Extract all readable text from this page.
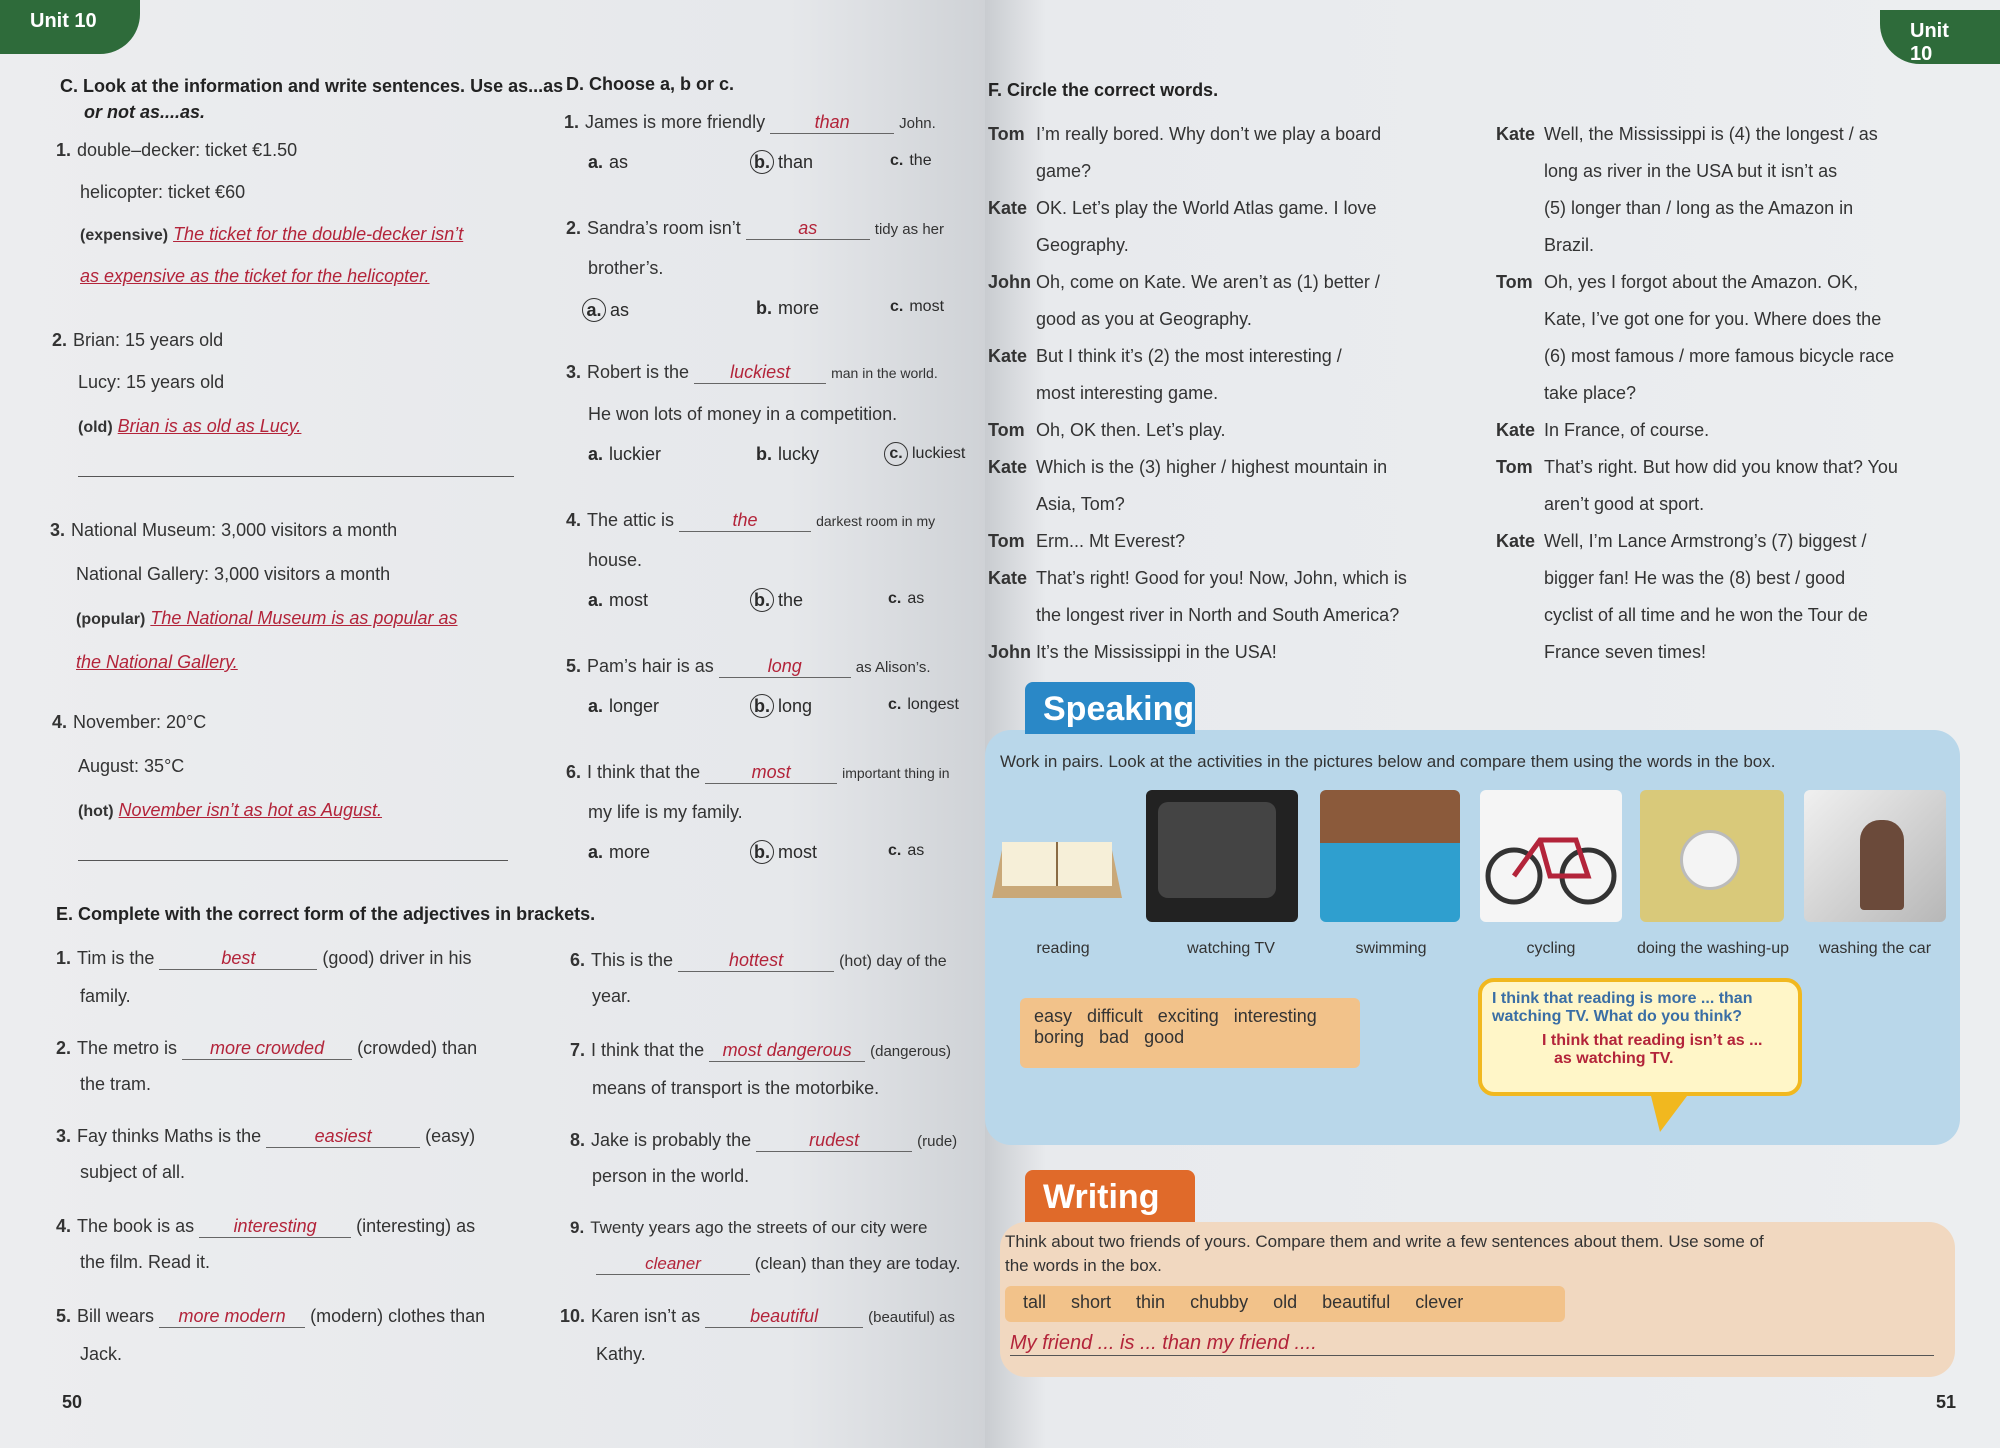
Unit 10
C. Look at the information and write sentences. Use as...as
or not as....as.
1. double–decker: ticket €1.50
helicopter: ticket €60
(expensive) The ticket for the double-decker isn’t
as expensive as the ticket for the helicopter.
2. Brian: 15 years old
Lucy: 15 years old
(old) Brian is as old as Lucy.
3. National Museum: 3,000 visitors a month
National Gallery: 3,000 visitors a month
(popular) The National Museum is as popular as
the National Gallery.
4. November: 20°C
August: 35°C
(hot) November isn’t as hot as August.
D. Choose a, b or c.
1. James is more friendly	than	John.
a. as	b. than	c. the
2. Sandra’s room isn’t	as	tidy as her
brother’s.
a. as	b. more	c. most
3. Robert is the luckiest	man in the world.
He won lots of money in a competition.
a. luckier	b. lucky	c. luckiest
4. The attic is	the	darkest room in my
house.
a. most	b. the	c. as
5. Pam’s hair is as	long	as Alison’s.
a. longer	b. long	c. longest
6. I think that the	most	important thing in
my life is my family.
a. more	b. most	c. as
E. Complete with the correct form of the adjectives in brackets.
1. Tim is the	best	(good) driver in his
family.
2. The metro is more crowded (crowded) than
the tram.
3. Fay thinks Maths is the	easiest	(easy)
subject of all.
4. The book is as interesting (interesting) as
the film. Read it.
5. Bill wears more modern (modern) clothes than
Jack.
6. This is the	hottest	(hot) day of the
year.
7. I think that the most dangerous (dangerous)
means of transport is the motorbike.
8. Jake is probably the	rudest	(rude)
person in the world.
9. Twenty years ago the streets of our city were
cleaner	(clean) than they are today.
10. Karen isn’t as	beautiful	(beautiful) as
Kathy.
50
Unit 10
F. Circle the correct words.
Tom I’m really bored. Why don’t we play a board
game?
Kate OK. Let’s play the World Atlas game. I love
Geography.
John Oh, come on Kate. We aren’t as (1) better /
good as you at Geography.
Kate But I think it’s (2) the most interesting /
most interesting game.
Tom Oh, OK then. Let’s play.
Kate Which is the (3) higher / highest mountain in
Asia, Tom?
Tom Erm... Mt Everest?
Kate That’s right! Good for you! Now, John, which is
the longest river in North and South America?
John It’s the Mississippi in the USA!
Kate Well, the Mississippi is (4) the longest / as
long as river in the USA but it isn’t as
(5) longer than / long as the Amazon in
Brazil.
Tom Oh, yes I forgot about the Amazon. OK,
Kate, I’ve got one for you. Where does the
(6) most famous / more famous bicycle race
take place?
Kate In France, of course.
Tom That’s right. But how did you know that? You
aren’t good at sport.
Kate Well, I’m Lance Armstrong’s (7) biggest /
bigger fan! He was the (8) best / good
cyclist of all time and he won the Tour de
France seven times!
Speaking
Work in pairs. Look at the activities in the pictures below and compare them using the words in the box.
reading	watching TV	swimming	cycling	doing the washing-up	washing the car
easy   difficult   exciting   interesting
boring   bad   good
I think that reading is more ... than
watching TV. What do you think?
I think that reading isn’t as ...
as watching TV.
Writing
Think about two friends of yours. Compare them and write a few sentences about them. Use some of
the words in the box.
tall     short     thin     chubby     old     beautiful     clever
My friend ... is ... than my friend ....
51
